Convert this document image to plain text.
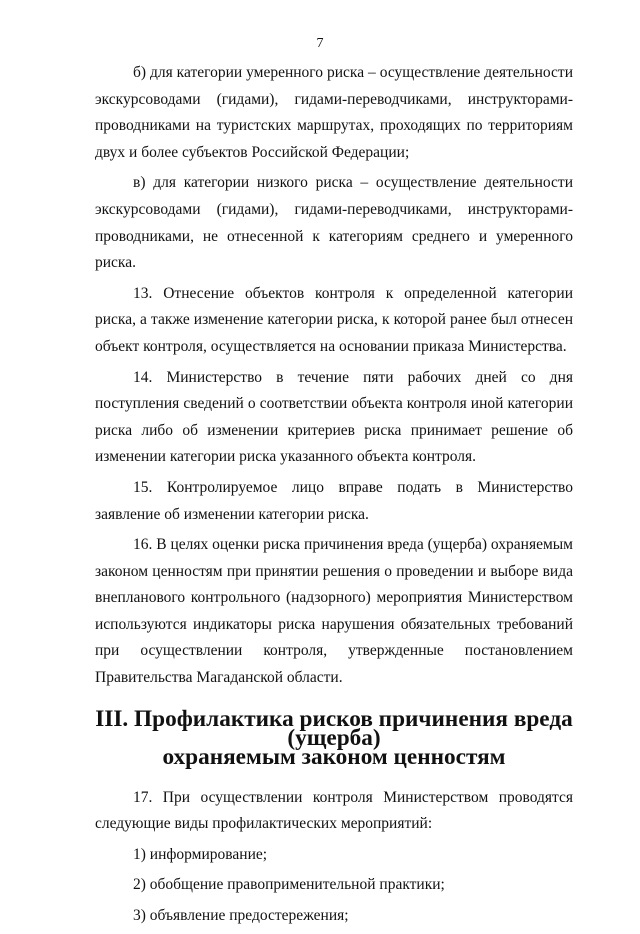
7

б) для категории умеренного риска – осуществление деятельности экскурсоводами (гидами), гидами-переводчиками, инструкторами-проводниками на туристских маршрутах, проходящих по территориям двух и более субъектов Российской Федерации;

в) для категории низкого риска – осуществление деятельности экскурсоводами (гидами), гидами-переводчиками, инструкторами-проводниками, не отнесенной к категориям среднего и умеренного риска.

13. Отнесение объектов контроля к определенной категории риска, а также изменение категории риска, к которой ранее был отнесен объект контроля, осуществляется на основании приказа Министерства.

14. Министерство в течение пяти рабочих дней со дня поступления сведений о соответствии объекта контроля иной категории риска либо об изменении критериев риска принимает решение об изменении категории риска указанного объекта контроля.

15. Контролируемое лицо вправе подать в Министерство заявление об изменении категории риска.

16. В целях оценки риска причинения вреда (ущерба) охраняемым законом ценностям при принятии решения о проведении и выборе вида внепланового контрольного (надзорного) мероприятия Министерством используются индикаторы риска нарушения обязательных требований при осуществлении контроля, утвержденные постановлением Правительства Магаданской области.

III. Профилактика рисков причинения вреда (ущерба)
охраняемым законом ценностям

17. При осуществлении контроля Министерством проводятся следующие виды профилактических мероприятий:

1) информирование;

2) обобщение правоприменительной практики;

3) объявление предостережения;
